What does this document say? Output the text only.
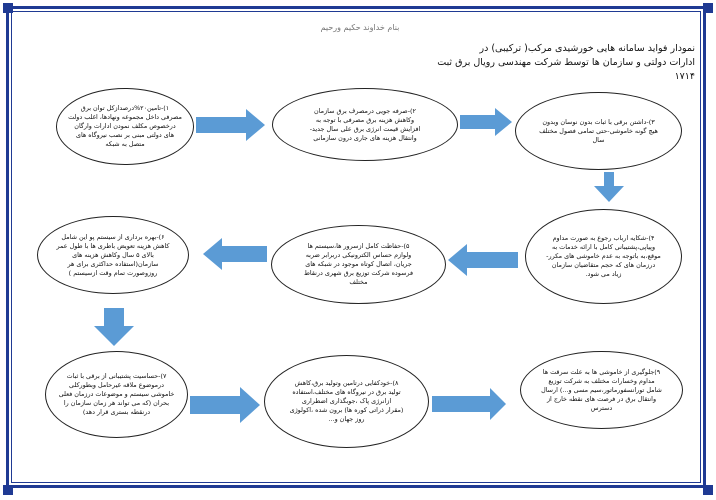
بنام خداوند حکیم ورحیم
نمودار فواید سامانه هایی خورشیدی مرکب( ترکیبی) در
ادارات دولتی و سازمان ها توسط شرکت مهندسی رویال برق ثبت ۱۷۱۴
۱)-تامین۲۰%درصدازکل توان برق
مصرفی داخل مجموعه ونهادها، اغلب دولت
درخصوص مکلف نمودن ادارات وارگان
های دولتی مبنی بر نصب نیروگاه های
متصل به شبکه
۲)-صرفه جویی درمصرف برق سازمان
وکاهش هزینه برق مصرفی با توجه به
افزایش قیمت انرژی برق علی سال جدید-
وانتقال هزینه های جاری درون سازمانی
۳)-داشتن برقی با ثبات بدون نوسان وبدون
هیچ گونه خاموشی-حتی تمامی فصول مختلف
سال
۶)-بهره برداری از سیستم پو این شامل
کاهش هزینه تعویض باطری ها با طول عمر
بالای ۵ سال وکاهش هزینه های
سازمان(استفاده حداکثری برای هر
روزوصورت تمام وقت ازسیستم )
۵)-حفاظت کامل ازسرور ها،سیستم ها
ولوازم حساس الکترونیکی دربرابر ضربه
جریان، اتصال کوتاه موجود در شبکه های
فرسوده شرکت توزیع برق شهری درنقاط
مختلف
۴)-شکایه ارباب رجوع به صورت مداوم
وپیاپی،پشتیبانی کامل با ارائه خدمات به
موقع،به باتوجه به عدم خاموشی های مکرر-
درزمان های که حجم متقاضیان سازمان
زیاد می شود.
۷)-حساسیت پشتیبانی از برقی با ثبات
درموضوع ملاقه غیرحامل وبطورکلی
خاموشی سیستم و موضوعات درزمان فعلی
بحران (که می تواند هر زمان سازمان را
درنقطه بستری قرار دهد)
۸)-خودکفایی درتامین وتولید برق،کاهش
تولید برق در نیروگاه های مختلف،استفاده
ازانرژی پاک ،جوبگذاری اضطراری
(مقرار ذراتی کوره ها) برون شده ،اکولوژی
روز جهان و...
۹)جلوگیری از خاموشی ها به علت سرقت ها
مداوم وخسارات مختلف به شرکت توزیع
شامل تورانسفورماتور،سیم مسی و...) ارسال
وانتقال برق در فرصت های نقطه خارج از
دسترس
